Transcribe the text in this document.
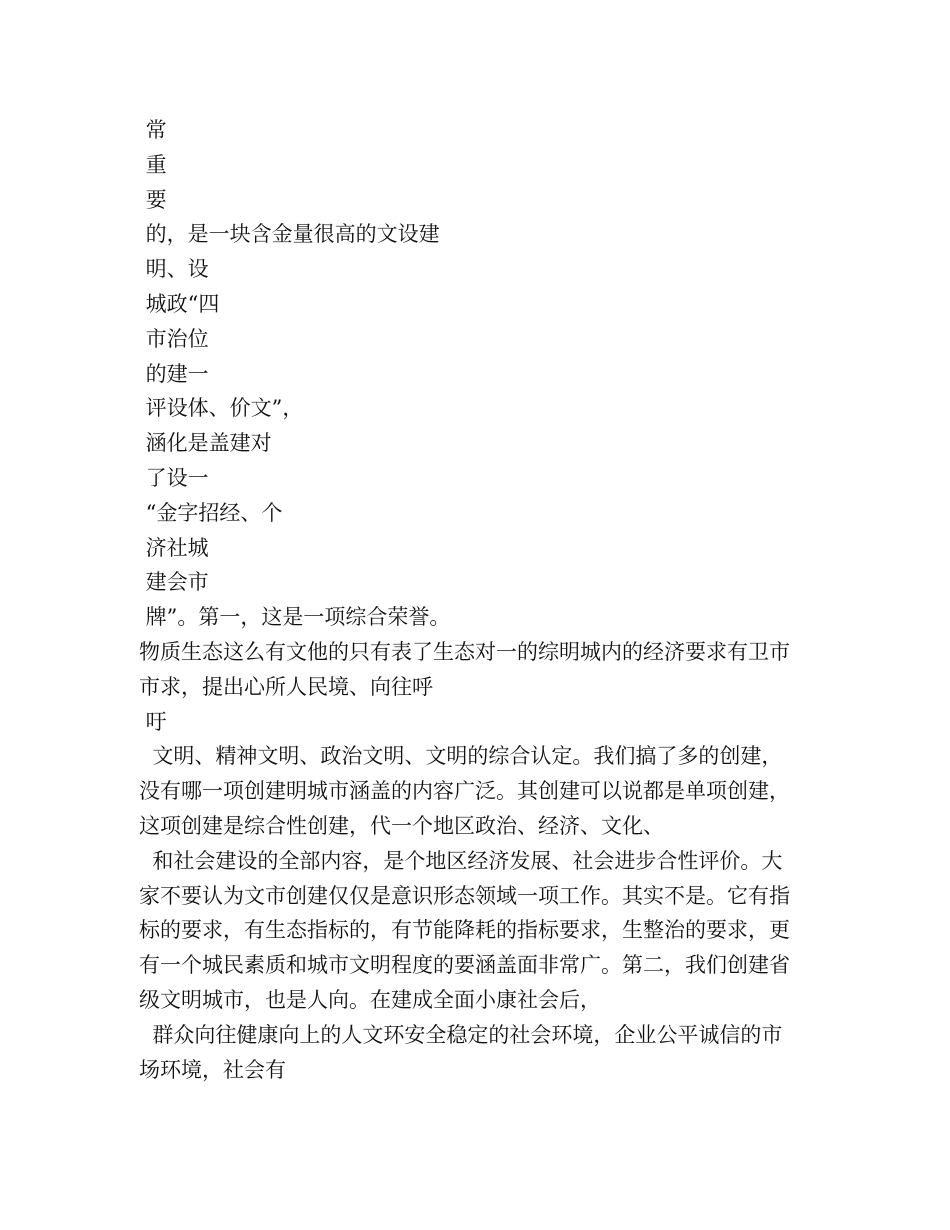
常
重
要
的，是一块含金量很高的文设建
明、设
城政“四
市治位
的建一
评设体、价文”，
涵化是盖建对
了设一
“金字招经、个
济社城
建会市
牌”。第一，这是一项综合荣誉。
物质生态这么有文他的只有表了生态对一的综明城内的经济要求有卫市
市求，提出心所人民境、向往呼
吁
文明、精神文明、政治文明、文明的综合认定。我们搞了多的创建，
没有哪一项创建明城市涵盖的内容广泛。其创建可以说都是单项创建，
这项创建是综合性创建，代一个地区政治、经济、文化、
和社会建设的全部内容，是个地区经济发展、社会进步合性评价。大
家不要认为文市创建仅仅是意识形态领域一项工作。其实不是。它有指
标的要求，有生态指标的，有节能降耗的指标要求，生整治的要求，更
有一个城民素质和城市文明程度的要涵盖面非常广。第二，我们创建省
级文明城市，也是人向。在建成全面小康社会后，
群众向往健康向上的人文环安全稳定的社会环境，企业公平诚信的市
场环境，社会有
